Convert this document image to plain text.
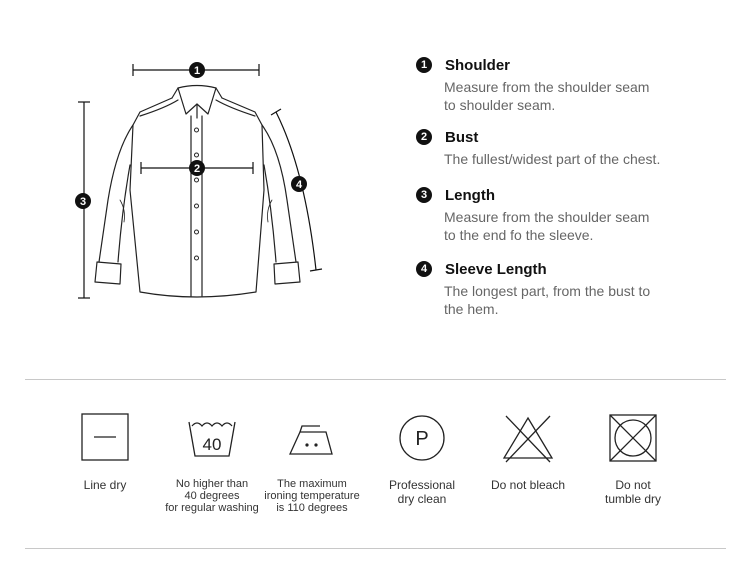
1
2
3
4
1	Shoulder
Measure from the shoulder seam
to shoulder seam.
2	Bust
The fullest/widest part of the chest.
3	Length
Measure from the shoulder seam
to the end fo the sleeve.
4	Sleeve Length
The longest part, from the bust to
the hem.
Line dry
40
No higher than
40 degrees
for regular washing
The maximum
ironing temperature
is 110 degrees
P
Professional
dry clean
Do not bleach	Do not
tumble dry
